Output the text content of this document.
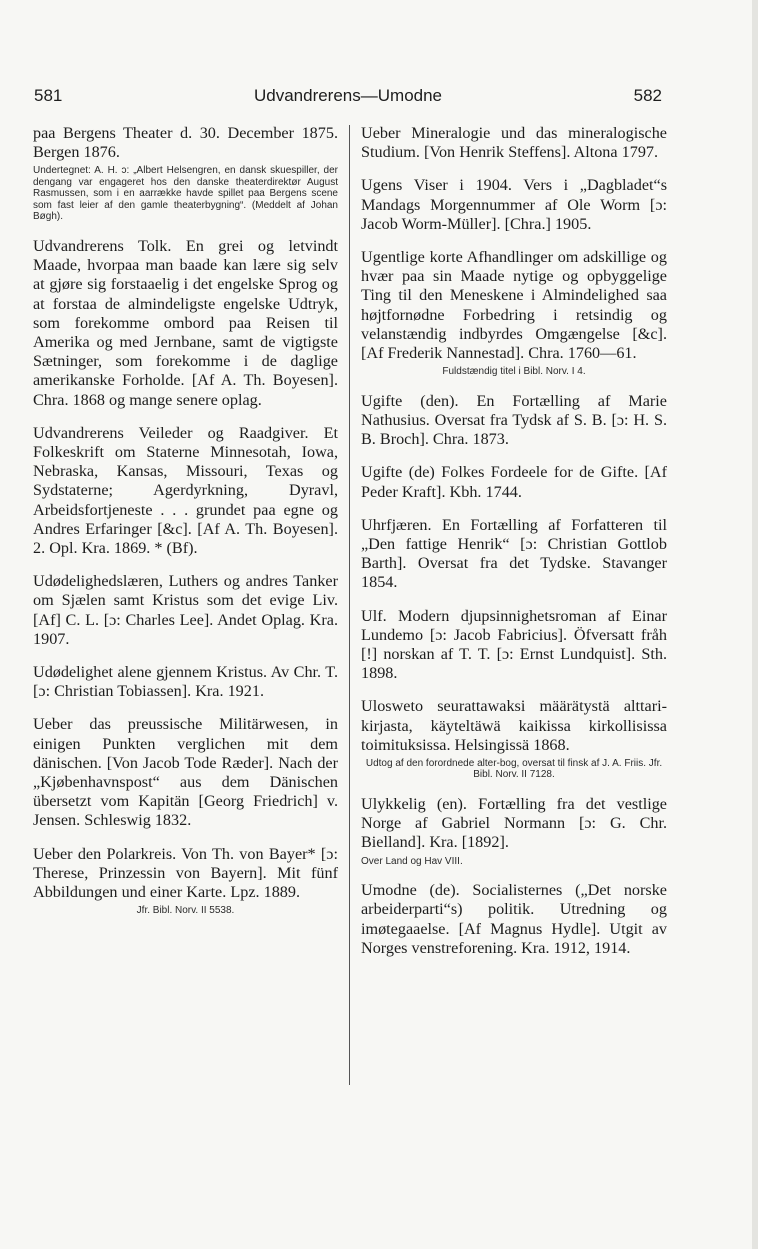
581	Udvandrerens—Umodne	582
paa Bergens Theater d. 30. December 1875. Bergen 1876.
Undertegnet: A. H. ɔ: „Albert Helsengren, en dansk skuespiller, der dengang var engageret hos den danske theaterdirektør August Rasmussen, som i en aarrække havde spillet paa Bergens scene som fast leier af den gamle theaterbygning“. (Meddelt af Johan Bøgh).
Udvandrerens Tolk. En grei og letvindt Maade, hvorpaa man baade kan lære sig selv at gjøre sig forstaaelig i det engelske Sprog og at forstaa de almindeligste engelske Udtryk, som forekomme ombord paa Reisen til Amerika og med Jernbane, samt de vigtigste Sætninger, som forekomme i de daglige amerikanske Forholde. [Af A. Th. Boyesen]. Chra. 1868 og mange senere oplag.
Udvandrerens Veileder og Raadgiver. Et Folkeskrift om Staterne Minnesotah, Iowa, Nebraska, Kansas, Missouri, Texas og Sydstaterne; Agerdyrkning, Dyravl, Arbeidsfortjeneste . . . grundet paa egne og Andres Erfaringer [&c]. [Af A. Th. Boyesen]. 2. Opl. Kra. 1869. * (Bf).
Udødelighedslæren, Luthers og andres Tanker om Sjælen samt Kristus som det evige Liv. [Af] C. L. [ɔ: Charles Lee]. Andet Oplag. Kra. 1907.
Udødelighet alene gjennem Kristus. Av Chr. T. [ɔ: Christian Tobiassen]. Kra. 1921.
Ueber das preussische Militärwesen, in einigen Punkten verglichen mit dem dänischen. [Von Jacob Tode Ræder]. Nach der „Kjøbenhavnspost“ aus dem Dänischen übersetzt vom Kapitän [Georg Friedrich] v. Jensen. Schleswig 1832.
Ueber den Polarkreis. Von Th. von Bayer* [ɔ: Therese, Prinzessin von Bayern]. Mit fünf Abbildungen und einer Karte. Lpz. 1889.
Jfr. Bibl. Norv. II 5538.
Ueber Mineralogie und das mineralogische Studium. [Von Henrik Steffens]. Altona 1797.
Ugens Viser i 1904. Vers i „Dagbladet“s Mandags Morgennummer af Ole Worm [ɔ: Jacob Worm-Müller]. [Chra.] 1905.
Ugentlige korte Afhandlinger om adskillige og hvær paa sin Maade nytige og opbyggelige Ting til den Meneskene i Almindelighed saa højtfornødne Forbedring i retsindig og velanstændig indbyrdes Omgængelse [&c]. [Af Frederik Nannestad]. Chra. 1760—61.
Fuldstændig titel i Bibl. Norv. I 4.
Ugifte (den). En Fortælling af Marie Nathusius. Oversat fra Tydsk af S. B. [ɔ: H. S. B. Broch]. Chra. 1873.
Ugifte (de) Folkes Fordeele for de Gifte. [Af Peder Kraft]. Kbh. 1744.
Uhrfjæren. En Fortælling af Forfatteren til „Den fattige Henrik“ [ɔ: Christian Gottlob Barth]. Oversat fra det Tydske. Stavanger 1854.
Ulf. Modern djupsinnighetsroman af Einar Lundemo [ɔ: Jacob Fabricius]. Öfversatt fråh [!] norskan af T. T. [ɔ: Ernst Lundquist]. Sth. 1898.
Ulosweto seurattawaksi määrätystä alttari-kirjasta, käyteltäwä kaikissa kirkollisissa toimituksissa. Helsingissä 1868.
Udtog af den forordnede alter-bog, oversat til finsk af J. A. Friis. Jfr. Bibl. Norv. II 7128.
Ulykkelig (en). Fortælling fra det vestlige Norge af Gabriel Normann [ɔ: G. Chr. Bielland]. Kra. [1892].
Over Land og Hav VIII.
Umodne (de). Socialisternes („Det norske arbeiderparti“s) politik. Utredning og imøtegaaelse. [Af Magnus Hydle]. Utgit av Norges venstreforening. Kra. 1912, 1914.
